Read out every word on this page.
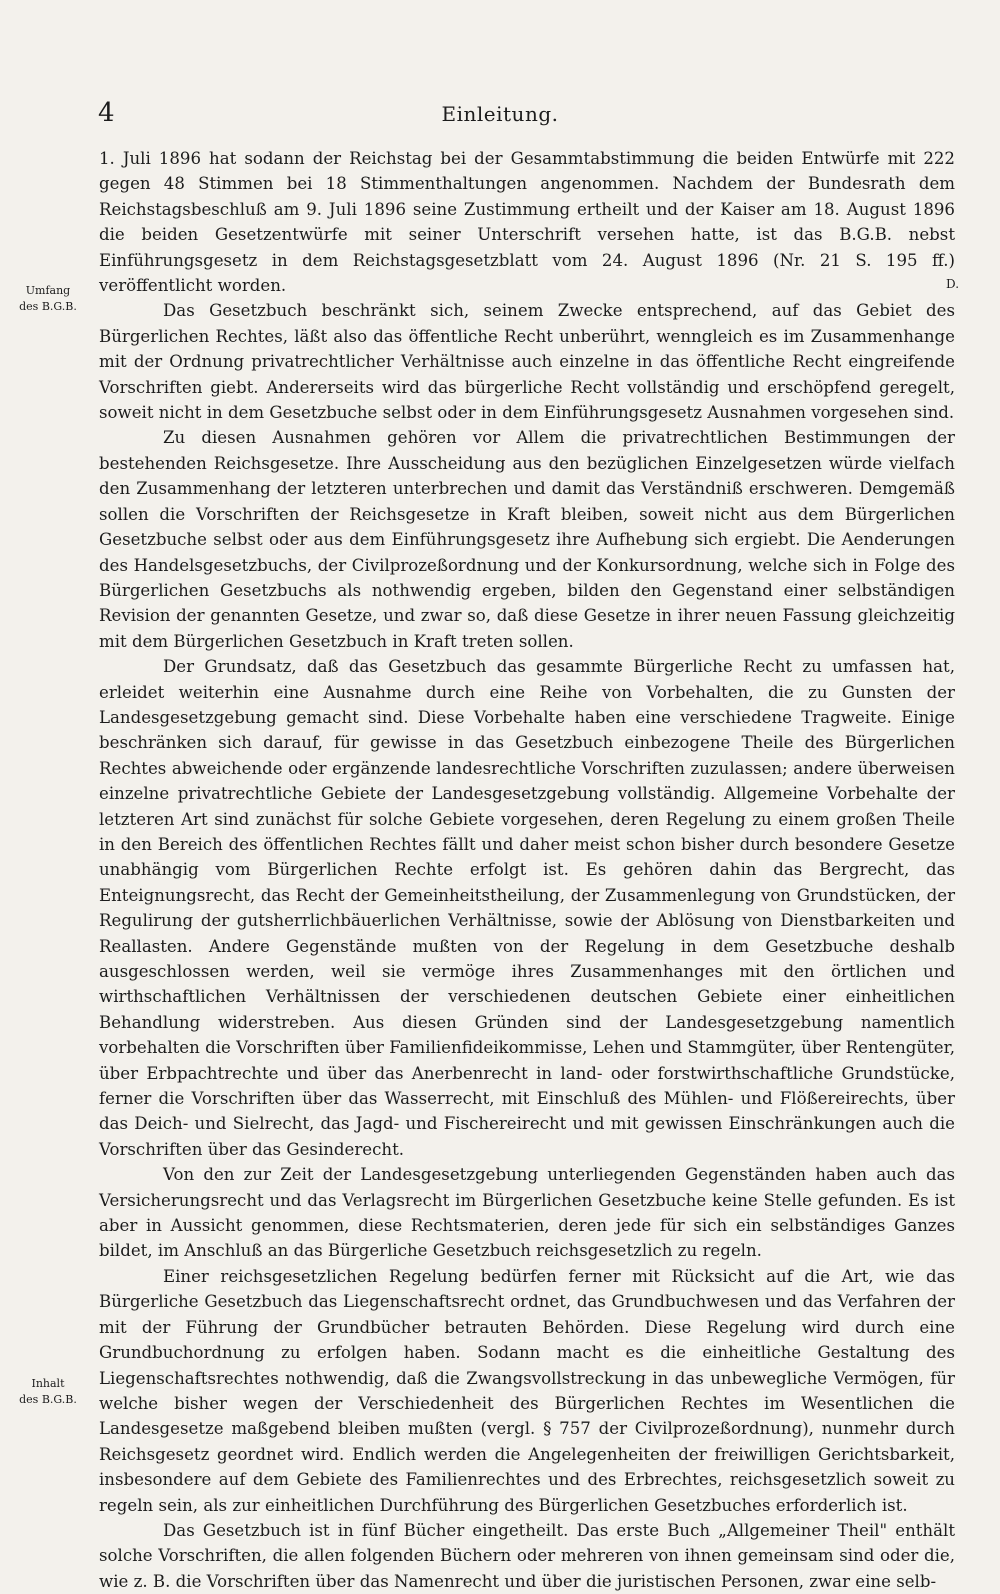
4	Einleitung.
Umfang
des B.G.B.
Inhalt
des B.G.B.
D.

1. Juli 1896 hat sodann der Reichstag bei der Gesammtabstimmung die beiden Entwürfe mit 222 gegen 48 Stimmen bei 18 Stimmenthaltungen angenommen. Nachdem der Bundesrath dem Reichstagsbeschluß am 9. Juli 1896 seine Zustimmung ertheilt und der Kaiser am 18. August 1896 die beiden Gesetzentwürfe mit seiner Unterschrift versehen hatte, ist das B.G.B. nebst Einführungsgesetz in dem Reichstagsgesetzblatt vom 24. August 1896 (Nr. 21 S. 195 ff.) veröffentlicht worden.

Das Gesetzbuch beschränkt sich, seinem Zwecke entsprechend, auf das Gebiet des Bürgerlichen Rechtes, läßt also das öffentliche Recht unberührt, wenngleich es im Zusammenhange mit der Ordnung privatrechtlicher Verhältnisse auch einzelne in das öffentliche Recht eingreifende Vorschriften giebt. Andererseits wird das bürgerliche Recht vollständig und erschöpfend geregelt, soweit nicht in dem Gesetzbuche selbst oder in dem Einführungsgesetz Ausnahmen vorgesehen sind.

Zu diesen Ausnahmen gehören vor Allem die privatrechtlichen Bestimmungen der bestehenden Reichsgesetze. Ihre Ausscheidung aus den bezüglichen Einzelgesetzen würde vielfach den Zusammenhang der letzteren unterbrechen und damit das Verständniß erschweren. Demgemäß sollen die Vorschriften der Reichsgesetze in Kraft bleiben, soweit nicht aus dem Bürgerlichen Gesetzbuche selbst oder aus dem Einführungsgesetz ihre Aufhebung sich ergiebt. Die Aenderungen des Handelsgesetzbuchs, der Civilprozeßordnung und der Konkursordnung, welche sich in Folge des Bürgerlichen Gesetzbuchs als nothwendig ergeben, bilden den Gegenstand einer selbständigen Revision der genannten Gesetze, und zwar so, daß diese Gesetze in ihrer neuen Fassung gleichzeitig mit dem Bürgerlichen Gesetzbuch in Kraft treten sollen.

Der Grundsatz, daß das Gesetzbuch das gesammte Bürgerliche Recht zu umfassen hat, erleidet weiterhin eine Ausnahme durch eine Reihe von Vorbehalten, die zu Gunsten der Landesgesetzgebung gemacht sind. Diese Vorbehalte haben eine verschiedene Tragweite. Einige beschränken sich darauf, für gewisse in das Gesetzbuch einbezogene Theile des Bürgerlichen Rechtes abweichende oder ergänzende landesrechtliche Vorschriften zuzulassen; andere überweisen einzelne privatrechtliche Gebiete der Landesgesetzgebung vollständig. Allgemeine Vorbehalte der letzteren Art sind zunächst für solche Gebiete vorgesehen, deren Regelung zu einem großen Theile in den Bereich des öffentlichen Rechtes fällt und daher meist schon bisher durch besondere Gesetze unabhängig vom Bürgerlichen Rechte erfolgt ist. Es gehören dahin das Bergrecht, das Enteignungsrecht, das Recht der Gemeinheitstheilung, der Zusammenlegung von Grundstücken, der Regulirung der gutsherrlichbäuerlichen Verhältnisse, sowie der Ablösung von Dienstbarkeiten und Reallasten. Andere Gegenstände mußten von der Regelung in dem Gesetzbuche deshalb ausgeschlossen werden, weil sie vermöge ihres Zusammenhanges mit den örtlichen und wirthschaftlichen Verhältnissen der verschiedenen deutschen Gebiete einer einheitlichen Behandlung widerstreben. Aus diesen Gründen sind der Landesgesetzgebung namentlich vorbehalten die Vorschriften über Familienfideikommisse, Lehen und Stammgüter, über Rentengüter, über Erbpachtrechte und über das Anerbenrecht in land- oder forstwirthschaftliche Grundstücke, ferner die Vorschriften über das Wasserrecht, mit Einschluß des Mühlen- und Flößereirechts, über das Deich- und Sielrecht, das Jagd- und Fischereirecht und mit gewissen Einschränkungen auch die Vorschriften über das Gesinderecht.

Von den zur Zeit der Landesgesetzgebung unterliegenden Gegenständen haben auch das Versicherungsrecht und das Verlagsrecht im Bürgerlichen Gesetzbuche keine Stelle gefunden. Es ist aber in Aussicht genommen, diese Rechtsmaterien, deren jede für sich ein selbständiges Ganzes bildet, im Anschluß an das Bürgerliche Gesetzbuch reichsgesetzlich zu regeln.

Einer reichsgesetzlichen Regelung bedürfen ferner mit Rücksicht auf die Art, wie das Bürgerliche Gesetzbuch das Liegenschaftsrecht ordnet, das Grundbuchwesen und das Verfahren der mit der Führung der Grundbücher betrauten Behörden. Diese Regelung wird durch eine Grundbuchordnung zu erfolgen haben. Sodann macht es die einheitliche Gestaltung des Liegenschaftsrechtes nothwendig, daß die Zwangsvollstreckung in das unbewegliche Vermögen, für welche bisher wegen der Verschiedenheit des Bürgerlichen Rechtes im Wesentlichen die Landesgesetze maßgebend bleiben mußten (vergl. § 757 der Civilprozeßordnung), nunmehr durch Reichsgesetz geordnet wird. Endlich werden die Angelegenheiten der freiwilligen Gerichtsbarkeit, insbesondere auf dem Gebiete des Familienrechtes und des Erbrechtes, reichsgesetzlich soweit zu regeln sein, als zur einheitlichen Durchführung des Bürgerlichen Gesetzbuches erforderlich ist.

Das Gesetzbuch ist in fünf Bücher eingetheilt. Das erste Buch „Allgemeiner Theil" enthält solche Vorschriften, die allen folgenden Büchern oder mehreren von ihnen gemeinsam sind oder die, wie z. B. die Vorschriften über das Namenrecht und über die juristischen Personen, zwar eine selb-
